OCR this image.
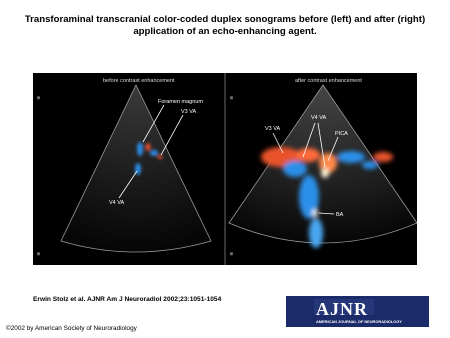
Transforaminal transcranial color-coded duplex sonograms before (left) and after (right) application of an echo-enhancing agent.
before contrast enhancement
Foramen magnum
V3 VA
V4 VA
▣
▣
after contrast enhancement
V3 VA
V4 VA
PICA
BA
▣
▣
Erwin Stolz et al. AJNR Am J Neuroradiol 2002;23:1051-1054	AJNR
AMERICAN JOURNAL OF NEURORADIOLOGY
©2002 by American Society of Neuroradiology
